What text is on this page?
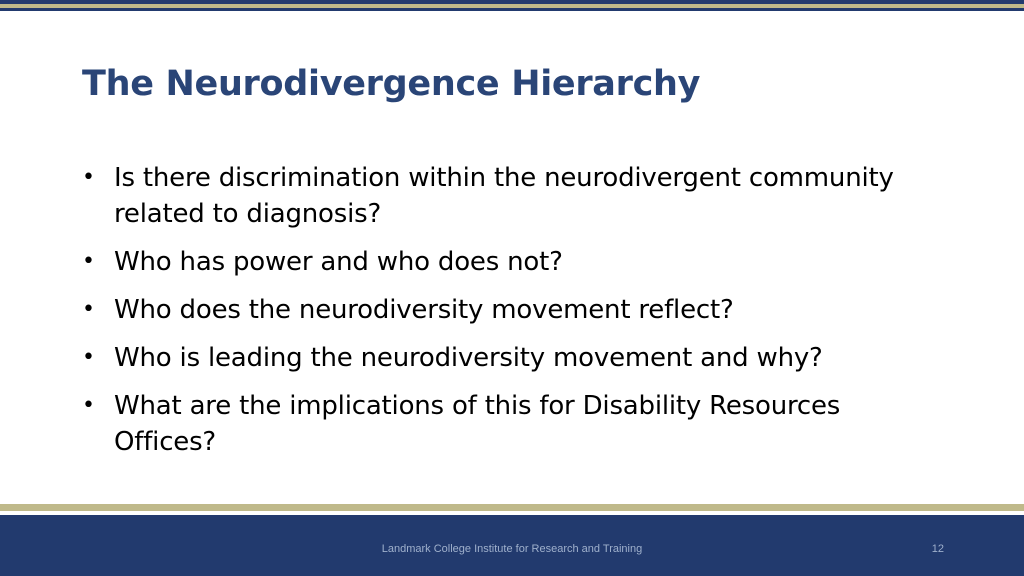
The Neurodivergence Hierarchy
• Is there discrimination within the neurodivergent community related to diagnosis?
• Who has power and who does not?
• Who does the neurodiversity movement reflect?
• Who is leading the neurodiversity movement and why?
• What are the implications of this for Disability Resources Offices?
Landmark College Institute for Research and Training	12
